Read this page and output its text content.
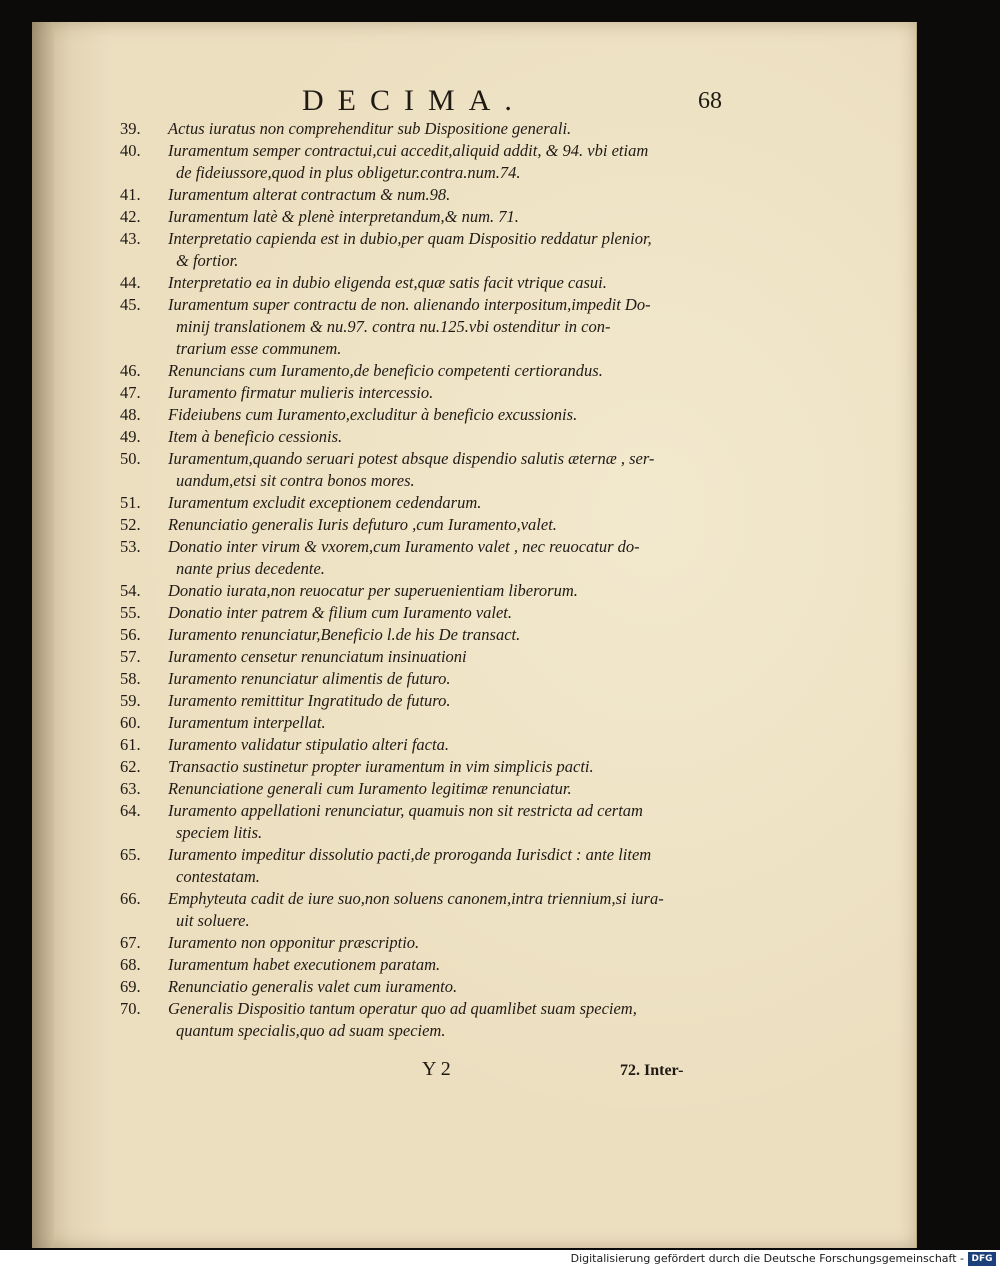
DECIMA.	68
39. Actus iuratus non comprehenditur sub Dispositione generali.
40. Iuramentum semper contractui,cui accedit,aliquid addit, & 94. vbi etiam
de fideiussore,quod in plus obligetur.contra.num.74.
41. Iuramentum alterat contractum & num.98.
42. Iuramentum latè & plenè interpretandum,& num. 71.
43. Interpretatio capienda est in dubio,per quam Dispositio reddatur plenior,
& fortior.
44. Interpretatio ea in dubio eligenda est,quæ satis facit vtrique casui.
45. Iuramentum super contractu de non. alienando interpositum,impedit Do-
minij translationem & nu.97. contra nu.125.vbi ostenditur in con-
trarium esse communem.
46. Renuncians cum Iuramento,de beneficio competenti certiorandus.
47. Iuramento firmatur mulieris intercessio.
48. Fideiubens cum Iuramento,excluditur à beneficio excussionis.
49. Item à beneficio cessionis.
50. Iuramentum,quando seruari potest absque dispendio salutis æternæ , ser-
uandum,etsi sit contra bonos mores.
51. Iuramentum excludit exceptionem cedendarum.
52. Renunciatio generalis Iuris defuturo ,cum Iuramento,valet.
53. Donatio inter virum & vxorem,cum Iuramento valet , nec reuocatur do-
nante prius decedente.
54. Donatio iurata,non reuocatur per superuenientiam liberorum.
55. Donatio inter patrem & filium cum Iuramento valet.
56. Iuramento renunciatur,Beneficio l.de his De transact.
57. Iuramento censetur renunciatum insinuationi
58. Iuramento renunciatur alimentis de futuro.
59. Iuramento remittitur Ingratitudo de futuro.
60. Iuramentum interpellat.
61. Iuramento validatur stipulatio alteri facta.
62. Transactio sustinetur propter iuramentum in vim simplicis pacti.
63. Renunciatione generali cum Iuramento legitimæ renunciatur.
64. Iuramento appellationi renunciatur, quamuis non sit restricta ad certam
speciem litis.
65. Iuramento impeditur dissolutio pacti,de proroganda Iurisdict : ante litem
contestatam.
66. Emphyteuta cadit de iure suo,non soluens canonem,intra triennium,si iura-
uit soluere.
67. Iuramento non opponitur præscriptio.
68. Iuramentum habet executionem paratam.
69. Renunciatio generalis valet cum iuramento.
70. Generalis Dispositio tantum operatur quo ad quamlibet suam speciem,
quantum specialis,quo ad suam speciem.
Y 2	72. Inter-
Digitalisierung gefördert durch die Deutsche Forschungsgemeinschaft - DFG
